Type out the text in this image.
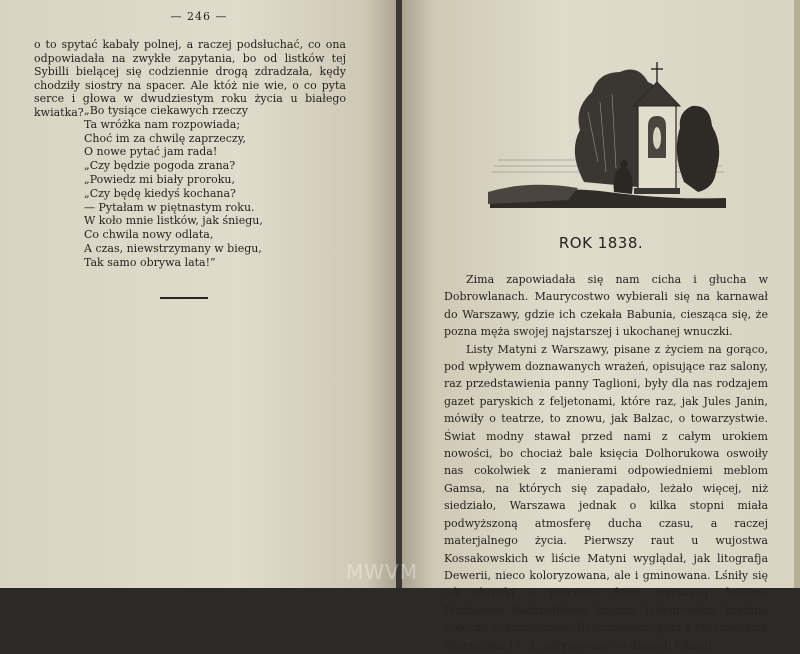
— 246 —
o to spytać kabały polnej, a raczej podsłuchać, co ona odpowiadała na zwykłe zapytania, bo od listków tej Sybilli bielącej się codziennie drogą zdradzała, kędy chodziły siostry na spacer. Ale któż nie wie, o co pyta serce i głowa w dwudziestym roku życia u białego kwiatka? „Bo tysiące ciekawych rzeczy
Ta wróżka nam rozpowiada;
Choć im za chwilę zaprzeczy,
O nowe pytać jam rada!
„Czy będzie pogoda zrana?
„Powiedz mi biały proroku,
„Czy będę kiedyś kochana?
— Pytałam w piętnastym roku.
W koło mnie listków, jak śniegu,
Co chwila nowy odlata,
A czas, niewstrzymany w biegu,
Tak samo obrywa lata!”
ROK 1838.

Zima zapowiadała się nam cicha i głucha w Dobrowlanach. Maurycostwo wybierali się na karnawał do Warszawy, gdzie ich czekała Babunia, ciesząca się, że pozna męża swojej najstarszej i ukochanej wnuczki.

Listy Matyni z Warszawy, pisane z życiem na gorąco, pod wpływem doznawanych wrażeń, opisujące raz salony, raz przedstawienia panny Taglioni, były dla nas rodzajem gazet paryskich z feljetonami, które raz, jak Jules Janin, mówiły o teatrze, to znowu, jak Balzac, o towarzystwie. Świat modny stawał przed nami z całym urokiem nowości, bo chociaż bale księcia Dolhorukowa oswoiły nas cokolwiek z manierami odpowiedniemi meblom Gamsa, na których się zapadało, leżało więcej, niż siedziało, Warszawa jednak o kilka stopni miała podwyższoną atmosferę ducha czasu, a raczej materjalnego życia. Pierwszy raut u wujostwa Kossakowskich w liście Matyni wyglądał, jak litografja Dewerii, nieco koloryzowana, ale i gminowana. Lśniły się jak obrazki te pierwsze damy Warszawy: księżna Michałowa Radziwiłłowa, księżna Jabłonowska, hrabina Potocka Franciszkowa, Ryszczewska, pani z Mostowskich Starzyńska i t. d., ufryzowane, w długich lokach

MWVM
